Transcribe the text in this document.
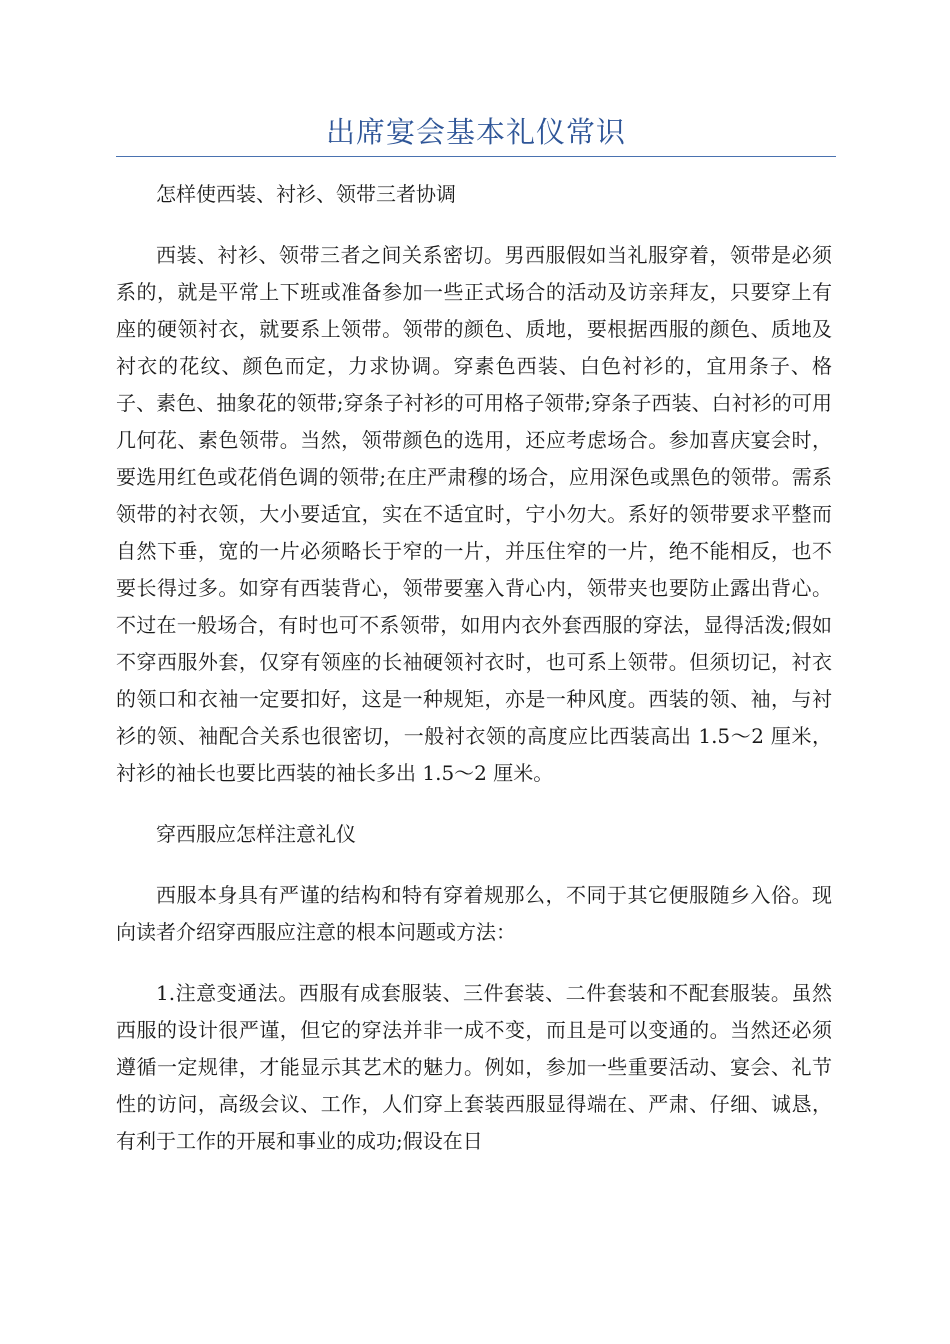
出席宴会基本礼仪常识

怎样使西装、衬衫、领带三者协调

西装、衬衫、领带三者之间关系密切。男西服假如当礼服穿着，领带是必须系的，就是平常上下班或准备参加一些正式场合的活动及访亲拜友，只要穿上有座的硬领衬衣，就要系上领带。领带的颜色、质地，要根据西服的颜色、质地及衬衣的花纹、颜色而定，力求协调。穿素色西装、白色衬衫的，宜用条子、格子、素色、抽象花的领带;穿条子衬衫的可用格子领带;穿条子西装、白衬衫的可用几何花、素色领带。当然，领带颜色的选用，还应考虑场合。参加喜庆宴会时，要选用红色或花俏色调的领带;在庄严肃穆的场合，应用深色或黑色的领带。需系领带的衬衣领，大小要适宜，实在不适宜时，宁小勿大。系好的领带要求平整而自然下垂，宽的一片必须略长于窄的一片，并压住窄的一片，绝不能相反，也不要长得过多。如穿有西装背心，领带要塞入背心内，领带夹也要防止露出背心。不过在一般场合，有时也可不系领带，如用内衣外套西服的穿法，显得活泼;假如不穿西服外套，仅穿有领座的长袖硬领衬衣时，也可系上领带。但须切记，衬衣的领口和衣袖一定要扣好，这是一种规矩，亦是一种风度。西装的领、袖，与衬衫的领、袖配合关系也很密切，一般衬衣领的高度应比西装高出 1.5～2 厘米，衬衫的袖长也要比西装的袖长多出 1.5～2 厘米。

穿西服应怎样注意礼仪

西服本身具有严谨的结构和特有穿着规那么，不同于其它便服随乡入俗。现向读者介绍穿西服应注意的根本问题或方法：

1.注意变通法。西服有成套服装、三件套装、二件套装和不配套服装。虽然西服的设计很严谨，但它的穿法并非一成不变，而且是可以变通的。当然还必须遵循一定规律，才能显示其艺术的魅力。例如，参加一些重要活动、宴会、礼节性的访问，高级会议、工作，人们穿上套装西服显得端在、严肃、仔细、诚恳，有利于工作的开展和事业的成功;假设在日
